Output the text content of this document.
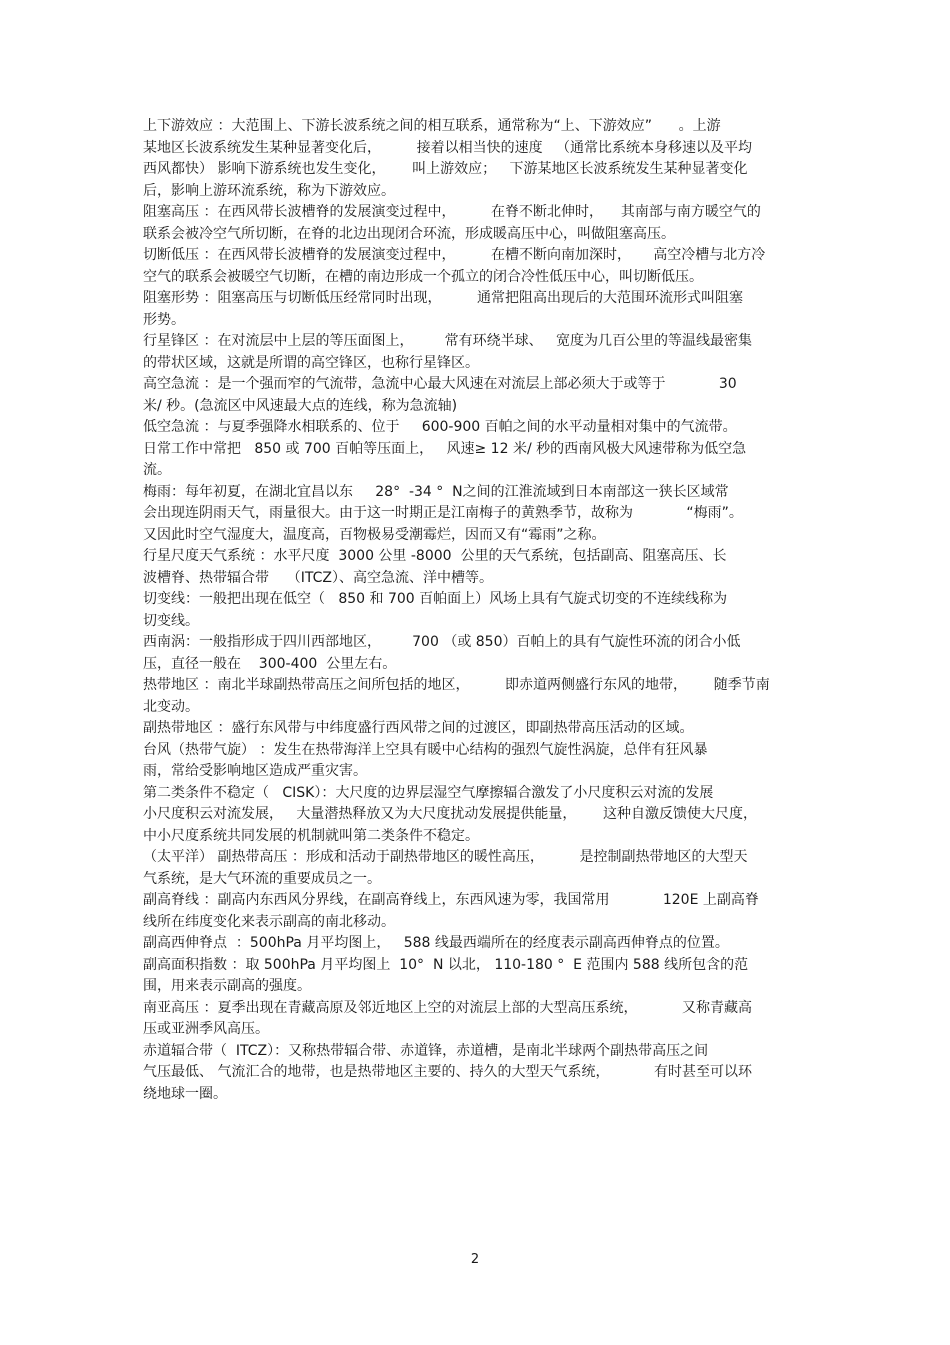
上下游效应 ：大范围上、下游长波系统之间的相互联系，通常称为“上、下游效应”      。上游
某地区长波系统发生某种显著变化后，        接着以相当快的速度   （通常比系统本身移速以及平均
西风都快） 影响下游系统也发生变化，      叫上游效应；   下游某地区长波系统发生某种显著变化
后，影响上游环流系统，称为下游效应。

阻塞高压 ：在西风带长波槽脊的发展演变过程中，        在脊不断北伸时，    其南部与南方暖空气的
联系会被冷空气所切断，在脊的北边出现闭合环流，形成暖高压中心，叫做阻塞高压。

切断低压 ：在西风带长波槽脊的发展演变过程中，        在槽不断向南加深时，     高空冷槽与北方冷
空气的联系会被暖空气切断，在槽的南边形成一个孤立的闭合冷性低压中心，叫切断低压。

阻塞形势 ：阻塞高压与切断低压经常同时出现，        通常把阻高出现后的大范围环流形式叫阻塞
形势。

行星锋区 ：在对流层中上层的等压面图上，       常有环绕半球、   宽度为几百公里的等温线最密集
的带状区域，这就是所谓的高空锋区，也称行星锋区。

高空急流 ：是一个强而窄的气流带，急流中心最大风速在对流层上部必须大于或等于            30
米/ 秒。(急流区中风速最大点的连线，称为急流轴)

低空急流 ：与夏季强降水相联系的、位于     600-900 百帕之间的水平动量相对集中的气流带。
日常工作中常把   850 或 700 百帕等压面上，   风速≥ 12 米/ 秒的西南风极大风速带称为低空急
流。

梅雨：每年初夏，在湖北宜昌以东     28°  -34 °  N之间的江淮流域到日本南部这一狭长区域常
会出现连阴雨天气，雨量很大。由于这一时期正是江南梅子的黄熟季节，故称为            “梅雨”。
又因此时空气湿度大，温度高，百物极易受潮霉烂，因而又有“霉雨”之称。

行星尺度天气系统 ：水平尺度  3000 公里 -8000  公里的天气系统，包括副高、阻塞高压、长
波槽脊、热带辐合带    （ITCZ）、高空急流、洋中槽等。

切变线：一般把出现在低空（   850 和 700 百帕面上）风场上具有气旋式切变的不连续线称为
切变线。

西南涡：一般指形成于四川西部地区，       700 （或 850）百帕上的具有气旋性环流的闭合小低
压，直径一般在    300-400  公里左右。

热带地区 ：南北半球副热带高压之间所包括的地区，        即赤道两侧盛行东风的地带，      随季节南
北变动。

副热带地区 ：盛行东风带与中纬度盛行西风带之间的过渡区，即副热带高压活动的区域。

台风（热带气旋） ：发生在热带海洋上空具有暖中心结构的强烈气旋性涡旋，总伴有狂风暴
雨，常给受影响地区造成严重灾害。

第二类条件不稳定（   CISK）：大尺度的边界层湿空气摩擦辐合激发了小尺度积云对流的发展
小尺度积云对流发展，   大量潜热释放又为大尺度扰动发展提供能量，      这种自激反馈使大尺度，
中小尺度系统共同发展的机制就叫第二类条件不稳定。

（太平洋） 副热带高压 ：形成和活动于副热带地区的暖性高压，        是控制副热带地区的大型天
气系统，是大气环流的重要成员之一。

副高脊线 ：副高内东西风分界线，在副高脊线上，东西风速为零，我国常用            120E 上副高脊
线所在纬度变化来表示副高的南北移动。

副高西伸脊点  ：500hPa 月平均图上，   588 线最西端所在的经度表示副高西伸脊点的位置。

副高面积指数 ：取 500hPa 月平均图上  10°  N 以北， 110-180 °  E 范围内 588 线所包含的范
围，用来表示副高的强度。

南亚高压 ：夏季出现在青藏高原及邻近地区上空的对流层上部的大型高压系统，          又称青藏高
压或亚洲季风高压。

赤道辐合带（  ITCZ）：又称热带辐合带、赤道锋，赤道槽，是南北半球两个副热带高压之间
气压最低、 气流汇合的地带，也是热带地区主要的、持久的大型天气系统，          有时甚至可以环
绕地球一圈。

2
